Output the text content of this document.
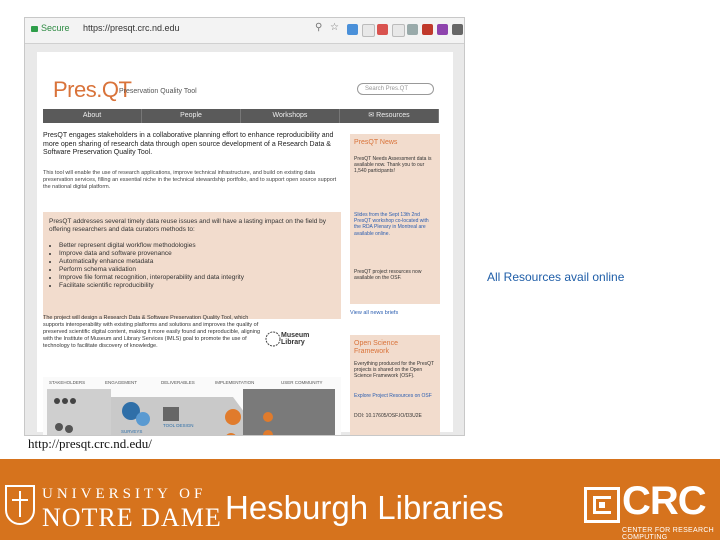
Secure https://presqt.crc.nd.edu	⚲ ☆
Pres.QT
Preservation Quality Tool	Search Pres.QT
About	People	Workshops	✉ Resources
PresQT engages stakeholders in a collaborative planning effort to enhance reproducibility and more open sharing of research data through open source development of a Research Data & Software Preservation Quality Tool.
This tool will enable the use of research applications, improve technical infrastructure, and build on existing data preservation services, filling an essential niche in the technical stewardship portfolio, and to support open source support the national digital platform.
PresQT addresses several timely data reuse issues and will have a lasting impact on the field by offering researchers and data curators methods to:
• Better represent digital workflow methodologies
• Improve data and software provenance
• Automatically enhance metadata
• Perform schema validation
• Improve file format recognition, interoperability and data integrity
• Facilitate scientific reproducibility
The project will design a Research Data & Software Preservation Quality Tool, which supports interoperability with existing platforms and solutions and improves the quality of preserved scientific digital content, making it more easily found and reproducible, aligning with the Institute of Museum and Library Services (IMLS) goal to promote the use of technology to facilitate discovery of knowledge.
Museum Library
STAKEHOLDERS	ENGAGEMENT	DELIVERABLES	IMPLEMENTATION	USER COMMUNITY
SURVEYS
TOOL DESIGN
PresQT News
PresQT Needs Assessment data is available now. Thank you to our 1,540 participants!
Slides from the Sept 13th 2nd PresQT workshop co-located with the RDA Plenary in Montreal are available online.
PresQT project resources now available on the OSF.
View all news briefs
Open Science Framework
Everything produced for the PresQT projects is shared on the Open Science Framework (OSF).
Explore Project Resources on OSF
DOI: 10.17605/OSF.IO/D3U2E
All Resources avail online
http://presqt.crc.nd.edu/
UNIVERSITY OF
NOTRE DAME Hesburgh Libraries	CRC
CENTER FOR RESEARCH COMPUTING
